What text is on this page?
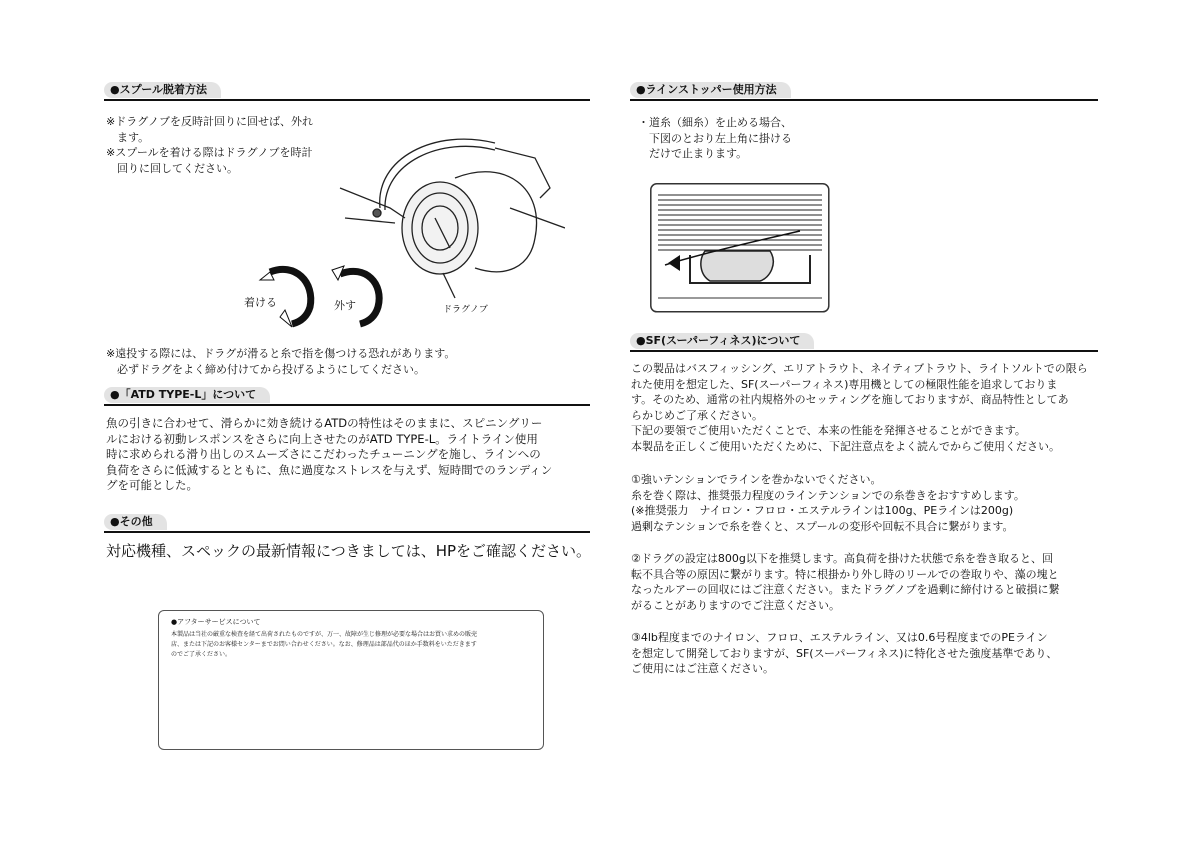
●スプール脱着方法
※ドラグノブを反時計回りに回せば、外れ
　ます。
※スプールを着ける際はドラグノブを時計
　回りに回してください。
着ける	外す	ドラグノブ
※遠投する際には、ドラグが滑ると糸で指を傷つける恐れがあります。
　必ずドラグをよく締め付けてから投げるようにしてください。
●「ATD TYPE-L」について
魚の引きに合わせて、滑らかに効き続けるATDの特性はそのままに、スピニングリー
ルにおける初動レスポンスをさらに向上させたのがATD TYPE-L。ライトライン使用
時に求められる滑り出しのスムーズさにこだわったチューニングを施し、ラインへの
負荷をさらに低減するとともに、魚に過度なストレスを与えず、短時間でのランディン
グを可能とした。
●その他
対応機種、スペックの最新情報につきましては、HPをご確認ください。
●アフターサービスについて
本製品は当社の厳重な検査を経て出荷されたものですが、万一、故障が生じ修理が必要な場合はお買い求めの販売
店、または下記のお客様センターまでお問い合わせください。なお、修理品は部品代のほか手数料をいただきます
のでご了承ください。
●ラインストッパー使用方法
・道糸（細糸）を止める場合、
　下図のとおり左上角に掛ける
　だけで止まります。
●SF(スーパーフィネス)について
この製品はバスフィッシング、エリアトラウト、ネイティブトラウト、ライトソルトでの限ら
れた使用を想定した、SF(スーパーフィネス)専用機としての極限性能を追求しておりま
す。そのため、通常の社内規格外のセッティングを施しておりますが、商品特性としてあ
らかじめご了承ください。
下記の要領でご使用いただくことで、本来の性能を発揮させることができます。
本製品を正しくご使用いただくために、下記注意点をよく読んでからご使用ください。
①強いテンションでラインを巻かないでください。
糸を巻く際は、推奨張力程度のラインテンションでの糸巻きをおすすめします。
(※推奨張力　ナイロン・フロロ・エステルラインは100g、PEラインは200g)
過剰なテンションで糸を巻くと、スプールの変形や回転不具合に繋がります。
②ドラグの設定は800g以下を推奨します。高負荷を掛けた状態で糸を巻き取ると、回
転不具合等の原因に繋がります。特に根掛かり外し時のリールでの巻取りや、藻の塊と
なったルアーの回収にはご注意ください。またドラグノブを過剰に締付けると破損に繋
がることがありますのでご注意ください。
③4lb程度までのナイロン、フロロ、エステルライン、又は0.6号程度までのPEライン
を想定して開発しておりますが、SF(スーパーフィネス)に特化させた強度基準であり、
ご使用にはご注意ください。
